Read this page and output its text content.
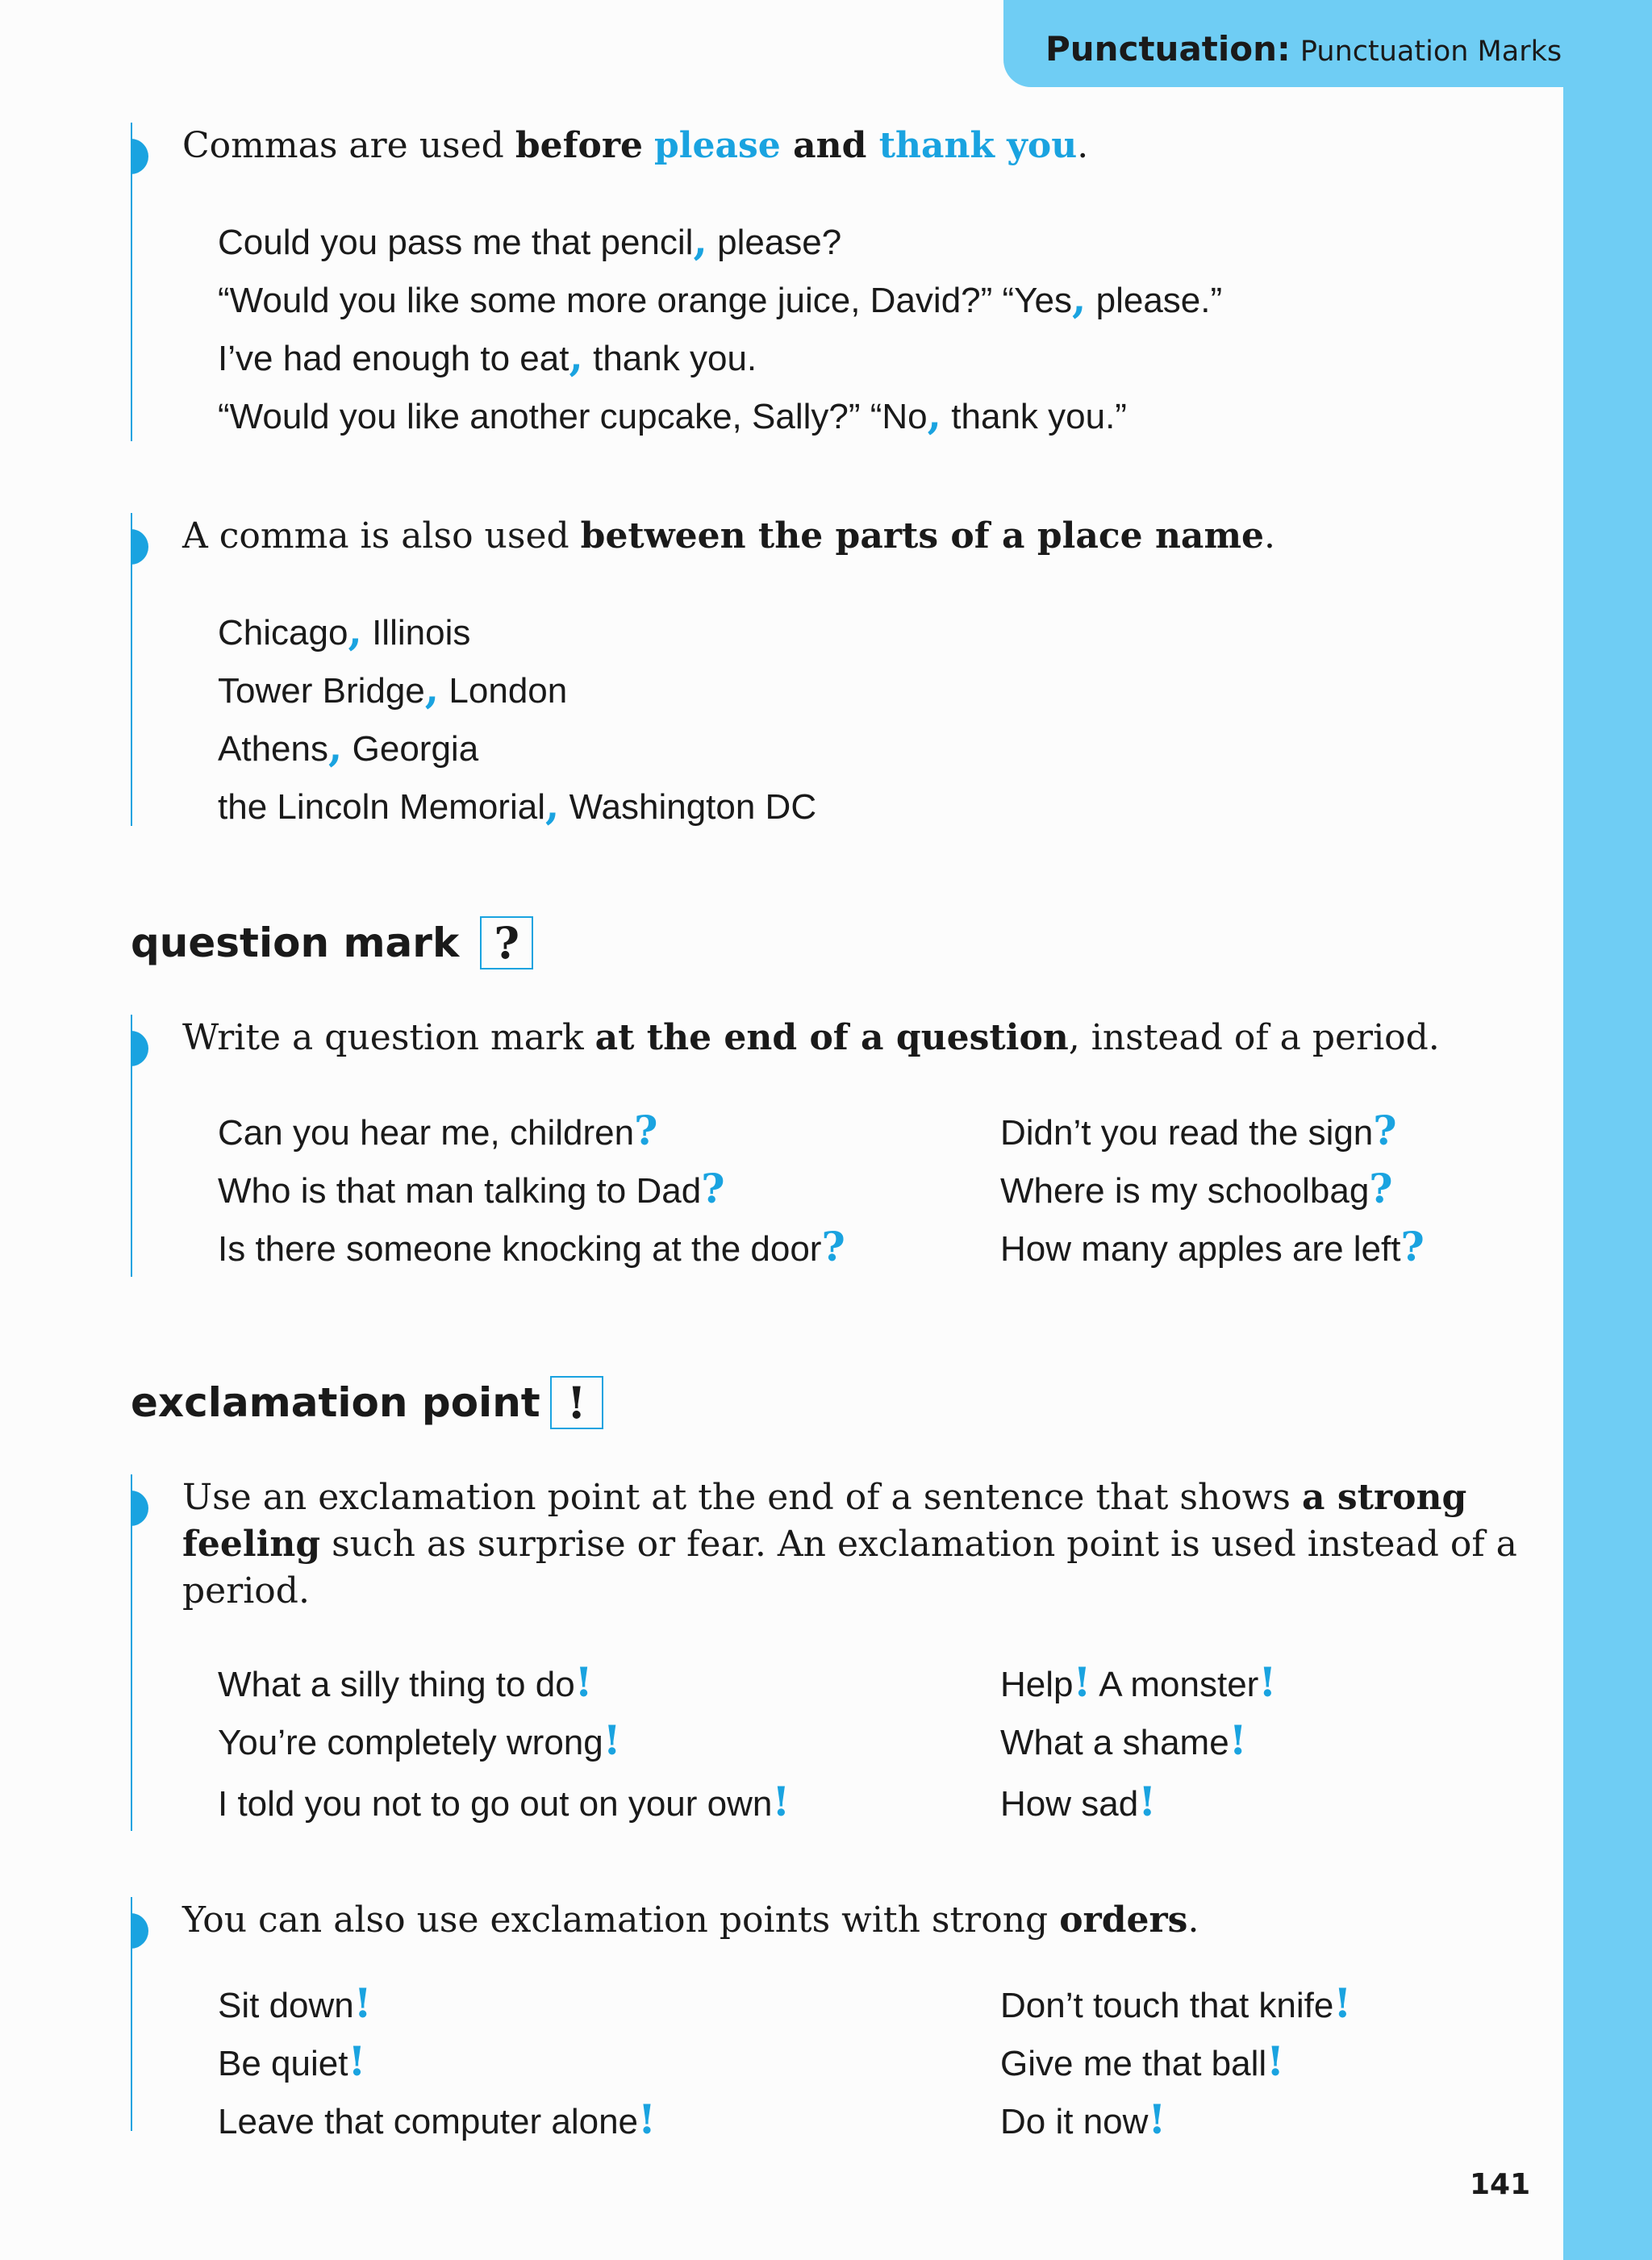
Punctuation: Punctuation Marks
Commas are used before please and thank you.
Could you pass me that pencil, please?
“Would you like some more orange juice, David?” “Yes, please.”
I’ve had enough to eat, thank you.
“Would you like another cupcake, Sally?” “No, thank you.”
A comma is also used between the parts of a place name.
Chicago, Illinois
Tower Bridge, London
Athens, Georgia
the Lincoln Memorial, Washington DC
question mark ?
Write a question mark at the end of a question, instead of a period.
Can you hear me, children?
Who is that man talking to Dad?
Is there someone knocking at the door?
Didn’t you read the sign?
Where is my schoolbag?
How many apples are left?
exclamation point !
Use an exclamation point at the end of a sentence that shows a strong
feeling such as surprise or fear. An exclamation point is used instead of a
period.
What a silly thing to do!
You’re completely wrong!
I told you not to go out on your own!
Help! A monster!
What a shame!
How sad!
You can also use exclamation points with strong orders.
Sit down!
Be quiet!
Leave that computer alone!
Don’t touch that knife!
Give me that ball!
Do it now!
141
